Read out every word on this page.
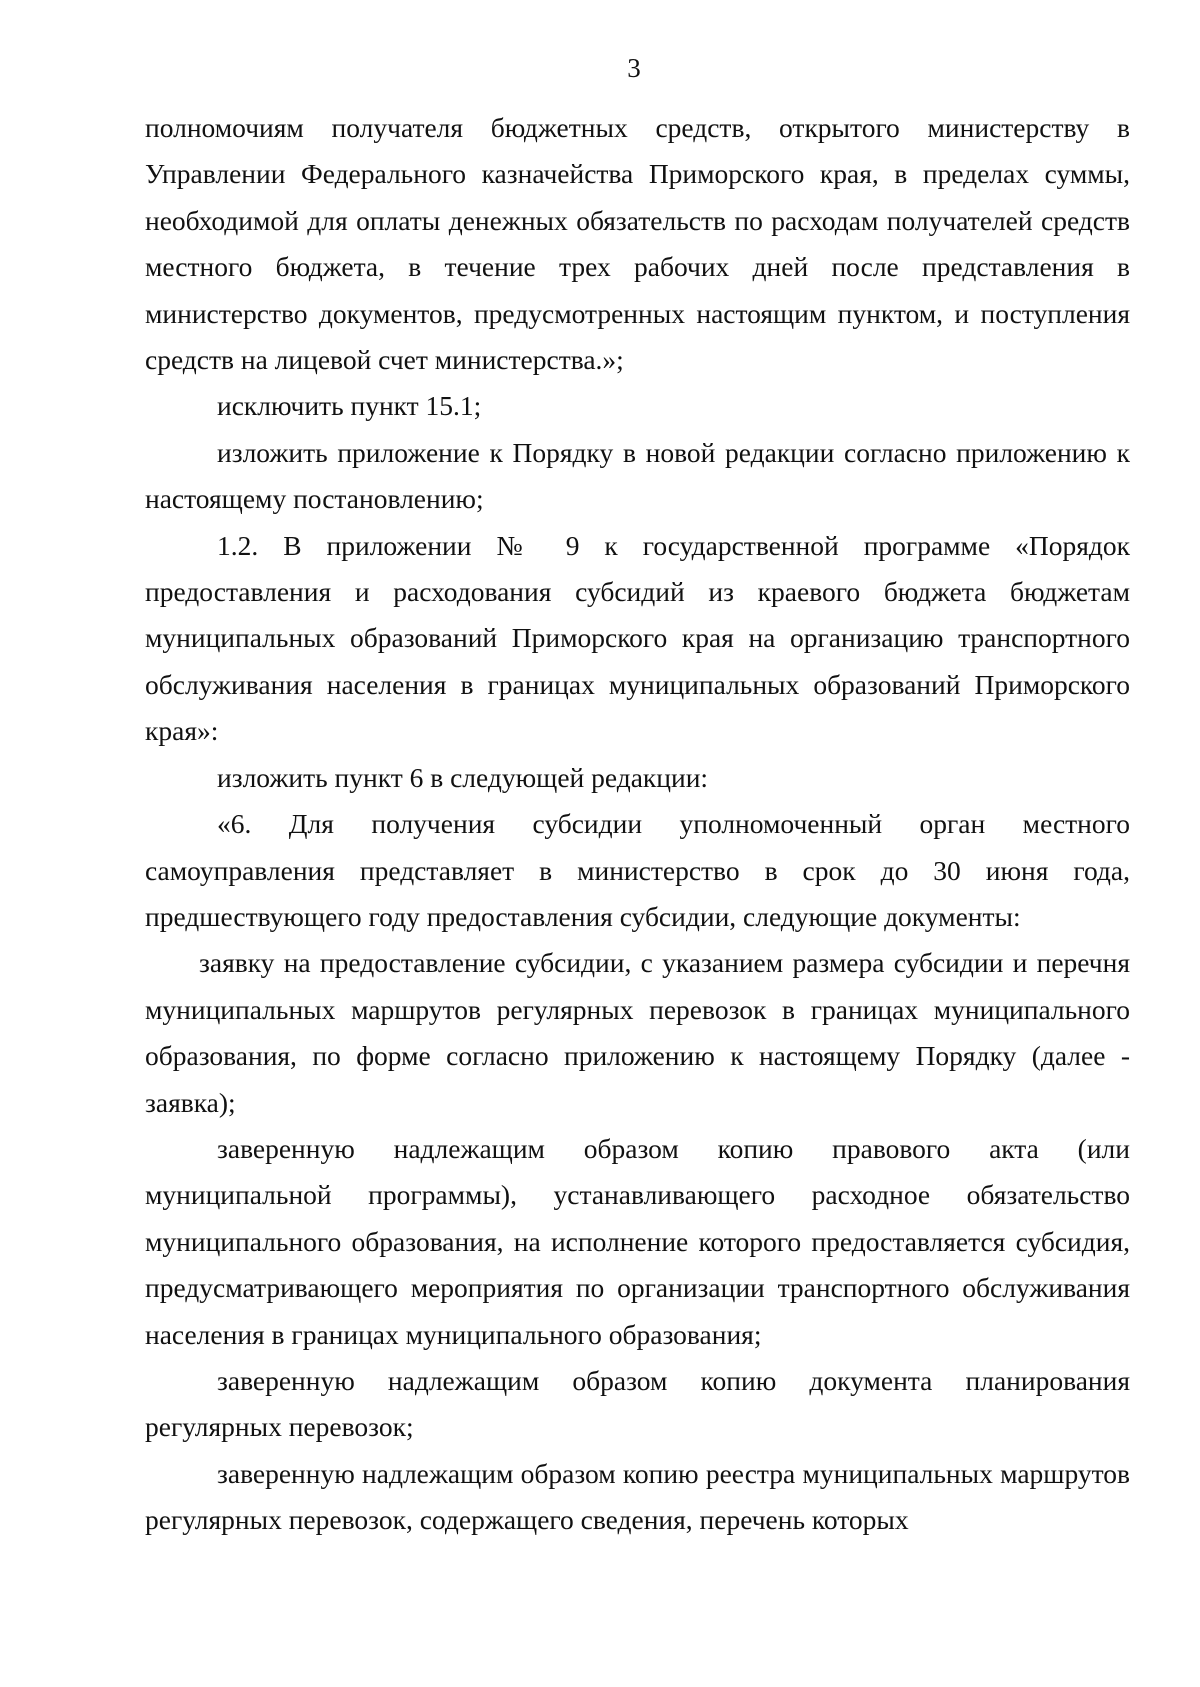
3

полномочиям получателя бюджетных средств, открытого министерству в Управлении Федерального казначейства Приморского края, в пределах суммы, необходимой для оплаты денежных обязательств по расходам получателей средств местного бюджета, в течение трех рабочих дней после представления в министерство документов, предусмотренных настоящим пунктом, и поступления средств на лицевой счет министерства.»;

исключить пункт 15.1;

изложить приложение к Порядку в новой редакции согласно приложению к настоящему постановлению;

1.2. В приложении № 9 к государственной программе «Порядок предоставления и расходования субсидий из краевого бюджета бюджетам муниципальных образований Приморского края на организацию транспортного обслуживания населения в границах муниципальных образований Приморского края»:

изложить пункт 6 в следующей редакции:

«6. Для получения субсидии уполномоченный орган местного самоуправления представляет в министерство в срок до 30 июня года, предшествующего году предоставления субсидии, следующие документы:

заявку на предоставление субсидии, с указанием размера субсидии и перечня муниципальных маршрутов регулярных перевозок в границах муниципального образования, по форме согласно приложению к настоящему Порядку (далее - заявка);

заверенную надлежащим образом копию правового акта (или муниципальной программы), устанавливающего расходное обязательство муниципального образования, на исполнение которого предоставляется субсидия, предусматривающего мероприятия по организации транспортного обслуживания населения в границах муниципального образования;

заверенную надлежащим образом копию документа планирования регулярных перевозок;

заверенную надлежащим образом копию реестра муниципальных маршрутов регулярных перевозок, содержащего сведения, перечень которых
